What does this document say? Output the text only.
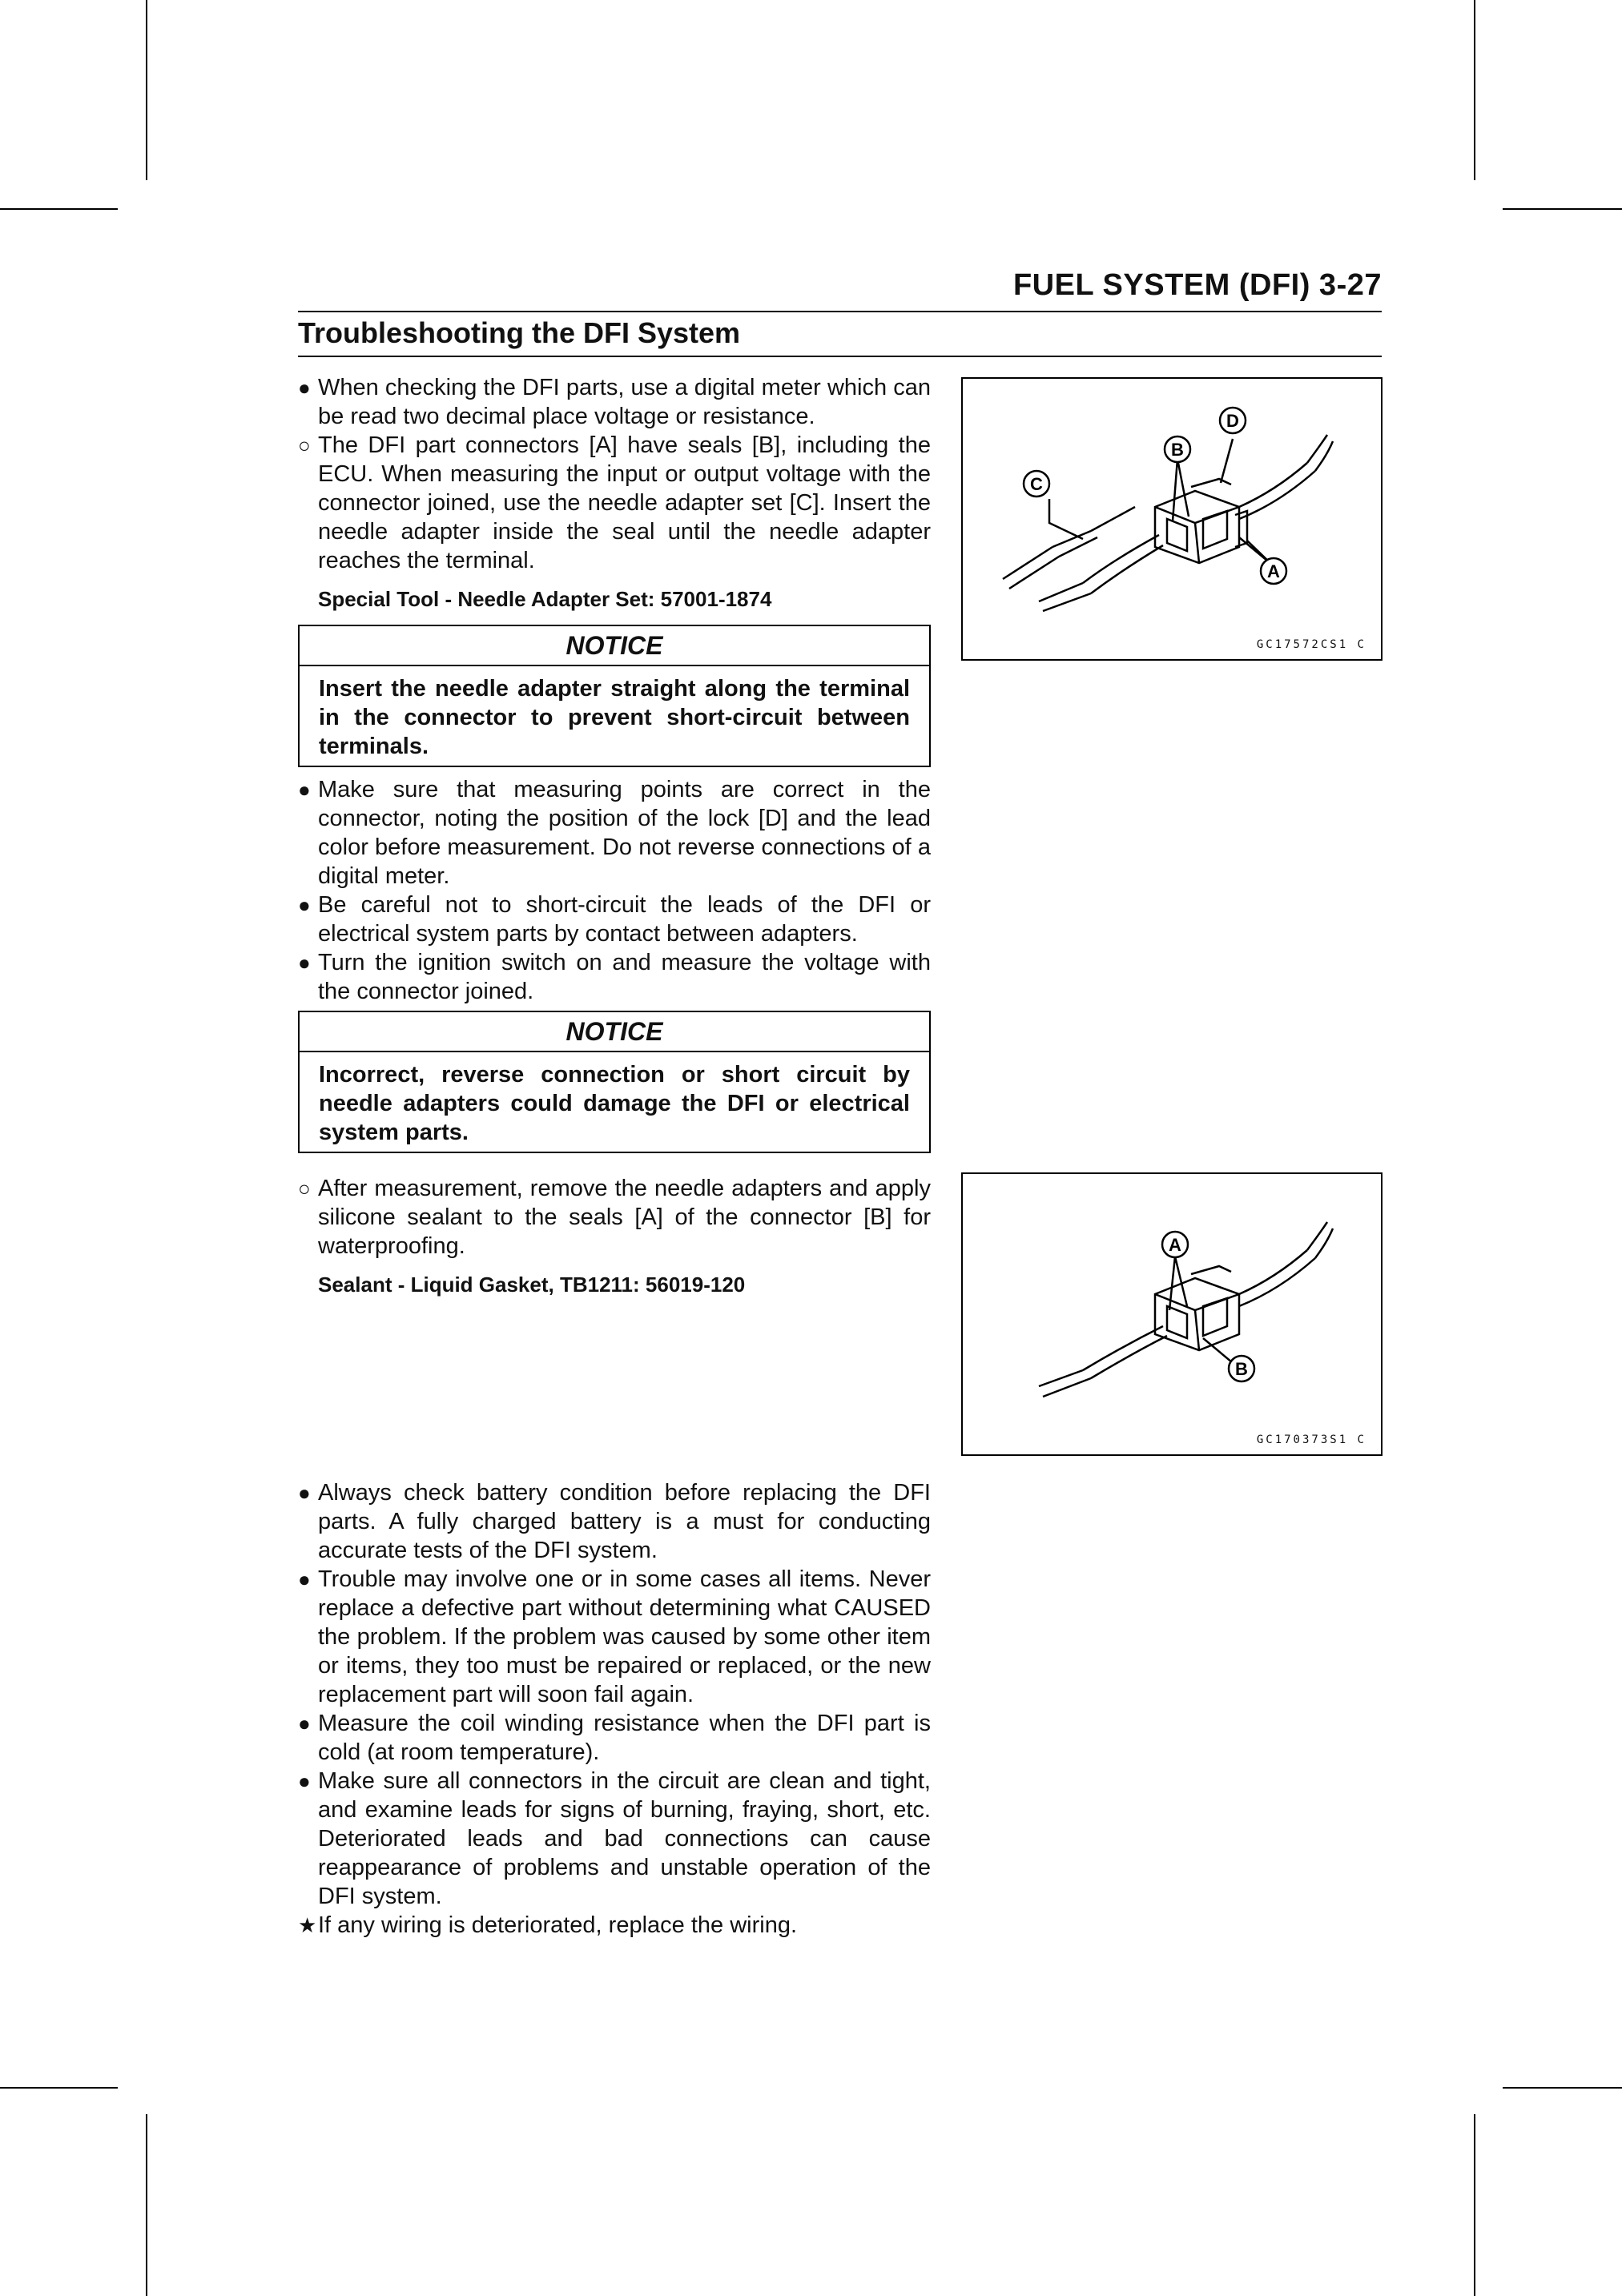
FUEL SYSTEM (DFI) 3-27
Troubleshooting the DFI System
● When checking the DFI parts, use a digital meter which can be read two decimal place voltage or resistance.
○ The DFI part connectors [A] have seals [B], including the ECU. When measuring the input or output voltage with the connector joined, use the needle adapter set [C]. Insert the needle adapter inside the seal until the needle adapter reaches the terminal.
Special Tool - Needle Adapter Set: 57001-1874
NOTICE
Insert the needle adapter straight along the terminal in the connector to prevent short-circuit between terminals.
● Make sure that measuring points are correct in the connector, noting the position of the lock [D] and the lead color before measurement. Do not reverse connections of a digital meter.
● Be careful not to short-circuit the leads of the DFI or electrical system parts by contact between adapters.
● Turn the ignition switch on and measure the voltage with the connector joined.
NOTICE
Incorrect, reverse connection or short circuit by needle adapters could damage the DFI or electrical system parts.
○ After measurement, remove the needle adapters and apply silicone sealant to the seals [A] of the connector [B] for waterproofing.
Sealant - Liquid Gasket, TB1211: 56019-120
● Always check battery condition before replacing the DFI parts. A fully charged battery is a must for conducting accurate tests of the DFI system.
● Trouble may involve one or in some cases all items. Never replace a defective part without determining what CAUSED the problem. If the problem was caused by some other item or items, they too must be repaired or replaced, or the new replacement part will soon fail again.
● Measure the coil winding resistance when the DFI part is cold (at room temperature).
● Make sure all connectors in the circuit are clean and tight, and examine leads for signs of burning, fraying, short, etc. Deteriorated leads and bad connections can cause reappearance of problems and unstable operation of the DFI system.
★ If any wiring is deteriorated, replace the wiring.
C
B
D
A
GC17572CS1 C
A
B
GC170373S1 C
